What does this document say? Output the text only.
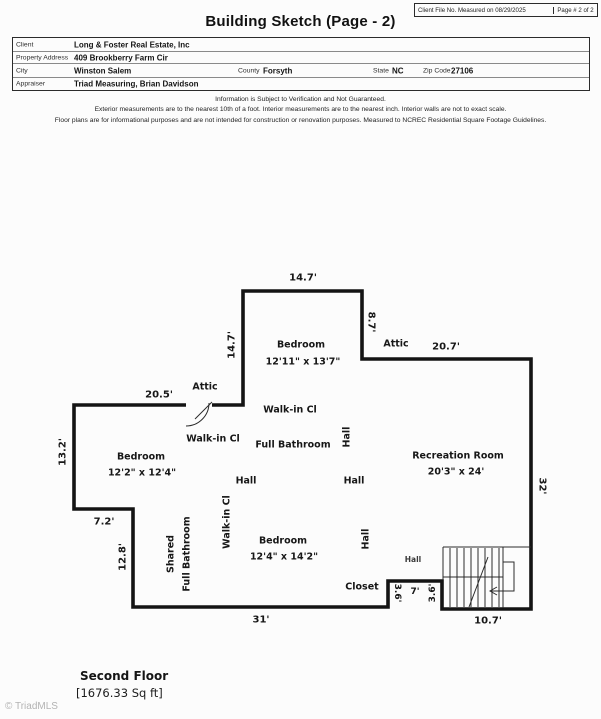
Client File No. Measured on 08/29/2025	Page # 2 of 2
Building Sketch (Page - 2)
Client	Long & Foster Real Estate, Inc
Property Address 409 Brookberry Farm Cir
City	Winston Salem	County Forsyth	State NC	Zip Code 27106
Appraiser	Triad Measuring, Brian Davidson
Information is Subject to Verification and Not Guaranteed.
Exterior measurements are to the nearest 10th of a foot. Interior measurements are to the nearest inch. Interior walls are not to exact scale.
Floor plans are for informational purposes and are not intended for construction or renovation purposes. Measured to NCREC Residential Square Footage Guidelines.
14.7'
14.7'
8.7'
20.7'
20.5'
13.2'
7.2'
12.8'
32'
31'
3.6' 7' 3.6'
10.7'
Bedroom
12'11" x 13'7"
Attic
Attic
Walk-in Cl
Hall
Walk-in Cl
Full Bathroom
Bedroom
12'2" x 12'4"
Hall	Hall
Recreation Room
20'3" x 24'
Shared Full Bathroom	Walk-in Cl	Bedroom
12'4" x 14'2"
Hall
Hall
Closet
Second Floor
[1676.33 Sq ft]
© TriadMLS
